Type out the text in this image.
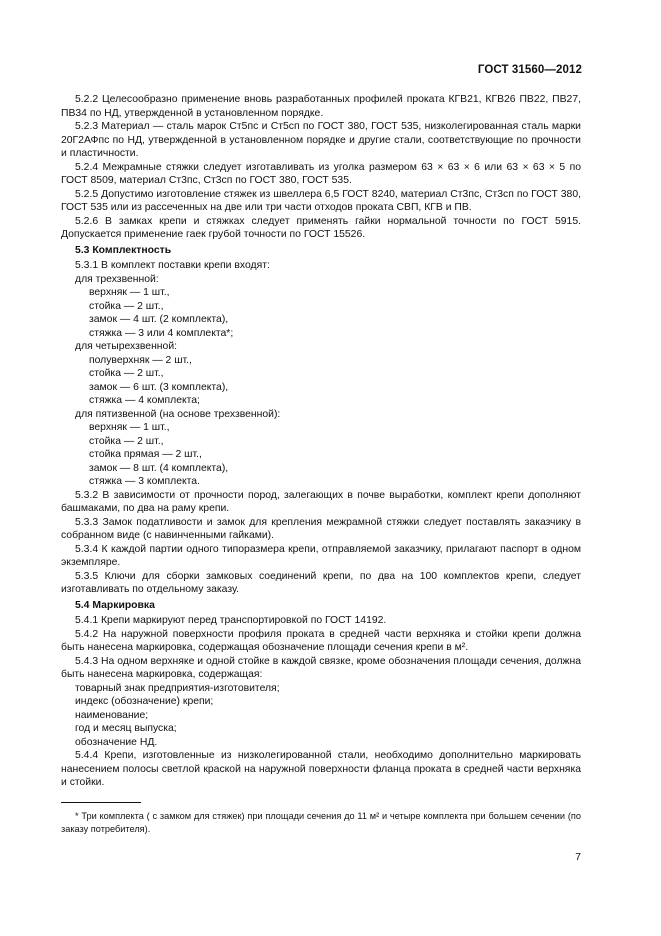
ГОСТ 31560—2012

5.2.2 Целесообразно применение вновь разработанных профилей проката КГВ21, КГВ26 ПВ22, ПВ27, ПВ34 по НД, утвержденной в установленном порядке.

5.2.3 Материал — сталь марок Ст5пс и Ст5сп по ГОСТ 380, ГОСТ 535, низколегированная сталь марки 20Г2АФпс по НД, утвержденной в установленном порядке и другие стали, соответствующие по прочности и пластичности.

5.2.4 Межрамные стяжки следует изготавливать из уголка размером 63 × 63 × 6 или 63 × 63 × 5 по ГОСТ 8509, материал Ст3пс, Ст3сп по ГОСТ 380, ГОСТ 535.

5.2.5 Допустимо изготовление стяжек из швеллера 6,5 ГОСТ 8240, материал Ст3пс, Ст3сп по ГОСТ 380, ГОСТ 535 или из рассеченных на две или три части отходов проката СВП, КГВ и ПВ.

5.2.6 В замках крепи и стяжках следует применять гайки нормальной точности по ГОСТ 5915. Допускается применение гаек грубой точности по ГОСТ 15526.

5.3 Комплектность

5.3.1 В комплект поставки крепи входят:

для трехзвенной:

верхняк — 1 шт.,

стойка — 2 шт.,

замок — 4 шт. (2 комплекта),

стяжка — 3 или 4 комплекта*;

для четырехзвенной:

полуверхняк — 2 шт.,

стойка — 2 шт.,

замок — 6 шт. (3 комплекта),

стяжка — 4 комплекта;

для пятизвенной (на основе трехзвенной):

верхняк — 1 шт.,

стойка — 2 шт.,

стойка прямая — 2 шт.,

замок — 8 шт. (4 комплекта),

стяжка — 3 комплекта.

5.3.2 В зависимости от прочности пород, залегающих в почве выработки, комплект крепи дополняют башмаками, по два на раму крепи.

5.3.3 Замок податливости и замок для крепления межрамной стяжки следует поставлять заказчику в собранном виде (с навинченными гайками).

5.3.4 К каждой партии одного типоразмера крепи, отправляемой заказчику, прилагают паспорт в одном экземпляре.

5.3.5 Ключи для сборки замковых соединений крепи, по два на 100 комплектов крепи, следует изготавливать по отдельному заказу.

5.4 Маркировка

5.4.1 Крепи маркируют перед транспортировкой по ГОСТ 14192.

5.4.2 На наружной поверхности профиля проката в средней части верхняка и стойки крепи должна быть нанесена маркировка, содержащая обозначение площади сечения крепи в м².

5.4.3 На одном верхняке и одной стойке в каждой связке, кроме обозначения площади сечения, должна быть нанесена маркировка, содержащая:

товарный знак предприятия-изготовителя;

индекс (обозначение) крепи;

наименование;

год и месяц выпуска;

обозначение НД.

5.4.4 Крепи, изготовленные из низколегированной стали, необходимо дополнительно маркировать нанесением полосы светлой краской на наружной поверхности фланца проката в средней части верхняка и стойки.

* Три комплекта ( с замком для стяжек) при площади сечения до 11 м² и четыре комплекта при большем сечении (по заказу потребителя).

7
